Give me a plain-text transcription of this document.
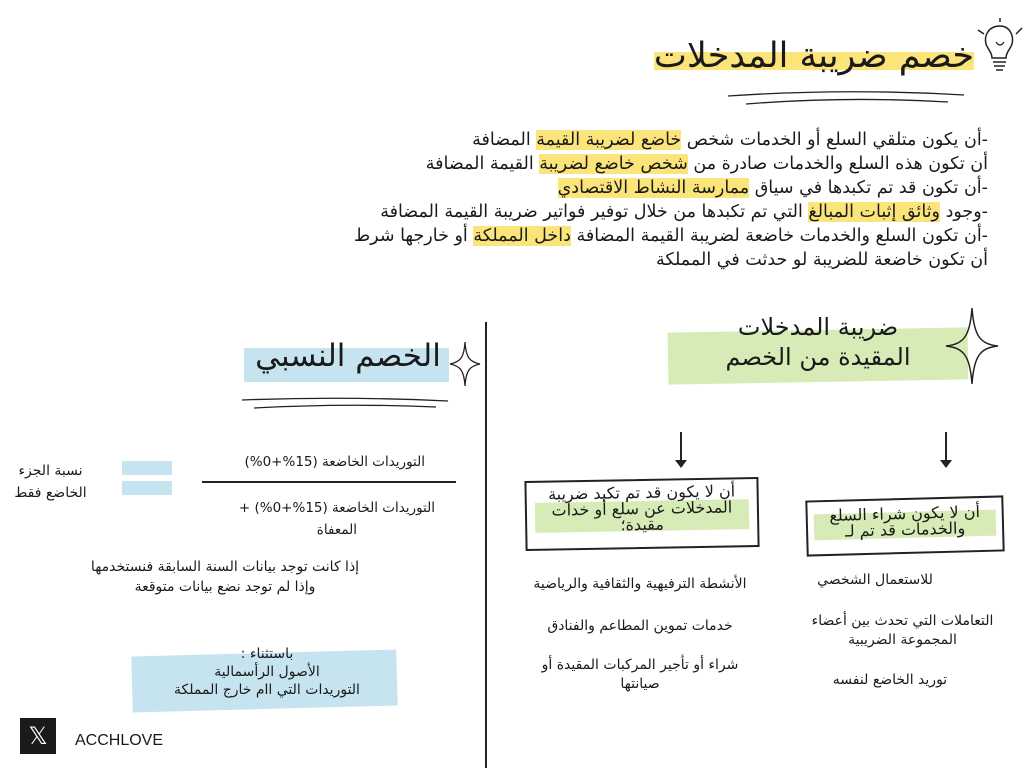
خصم ضريبة المدخلات
-أن يكون متلقي السلع أو الخدمات شخص خاضع لضريبة القيمة المضافة
أن تكون هذه السلع والخدمات صادرة من شخص خاضع لضريبة القيمة المضافة
-أن تكون قد تم تكبدها في سياق ممارسة النشاط الاقتصادي
-وجود وثائق إثبات المبالغ التي تم تكبدها من خلال توفير فواتير ضريبة القيمة المضافة
-أن تكون السلع والخدمات خاضعة لضريبة القيمة المضافة داخل المملكة أو خارجها شرط
أن تكون خاضعة للضريبة لو حدثت في المملكة
ضريبة المدخلات
المقيدة من الخصم
أن لا يكون قد تم تكبد ضريبة المدخلات عن سلع أو خدات مقيدة؛	أن لا يكون شراء السلع والخدمات قد تم لـ
الأنشطة الترفيهية والثقافية والرياضية
خدمات تموين المطاعم والفنادق
شراء أو تأجير المركبات المقيدة أو صيانتها
للاستعمال الشخصي
التعاملات التي تحدث بين أعضاء المجموعة الضريبية
توريد الخاضع لنفسه
الخصم النسبي
التوريدات الخاضعة (15%+0%)
التوريدات الخاضعة (15%+0%) +
المعفاة
نسبة الجزء
الخاضع فقط
إذا كانت توجد بيانات السنة السابقة فنستخدمها
وإذا لم توجد نضع بيانات متوقعة
باستثناء :
الأصول الرأسمالية
التوريدات التي اام خارج المملكة
𝕏	ACCHLOVE
